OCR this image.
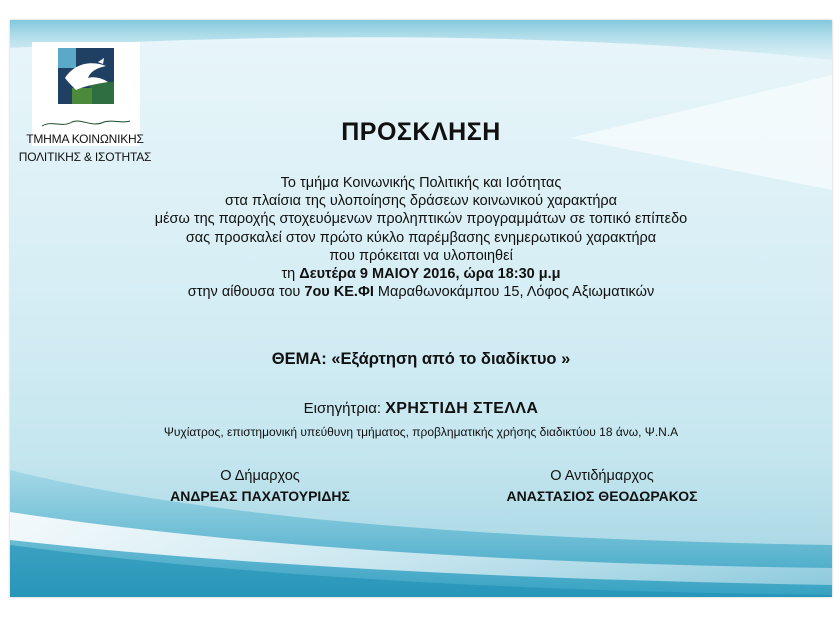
ΤΜΗΜΑ ΚΟΙΝΩΝΙΚΗΣ
ΠΟΛΙΤΙΚΗΣ & ΙΣΟΤΗΤΑΣ
ΠΡΟΣΚΛΗΣΗ
Το τμήμα Κοινωνικής Πολιτικής και Ισότητας
στα πλαίσια της υλοποίησης δράσεων κοινωνικού χαρακτήρα
μέσω της παροχής στοχευόμενων προληπτικών προγραμμάτων σε τοπικό επίπεδο
σας προσκαλεί στον πρώτο κύκλο παρέμβασης ενημερωτικού χαρακτήρα
που πρόκειται να υλοποιηθεί
τη Δευτέρα 9 ΜΑΙΟΥ 2016, ώρα 18:30 μ.μ
στην αίθουσα του 7ου ΚΕ.ΦΙ Μαραθωνοκάμπου 15, Λόφος Αξιωματικών
ΘΕΜΑ: «Εξάρτηση από το διαδίκτυο »
Εισηγήτρια: ΧΡΗΣΤΙΔΗ ΣΤΕΛΛΑ
Ψυχίατρος, επιστημονική υπεύθυνη τμήματος, προβληματικής χρήσης διαδικτύου 18 άνω, Ψ.Ν.Α
Ο Δήμαρχος
ΑΝΔΡΕΑΣ ΠΑΧΑΤΟΥΡΙΔΗΣ
Ο Αντιδήμαρχος
ΑΝΑΣΤΑΣΙΟΣ ΘΕΟΔΩΡΑΚΟΣ
